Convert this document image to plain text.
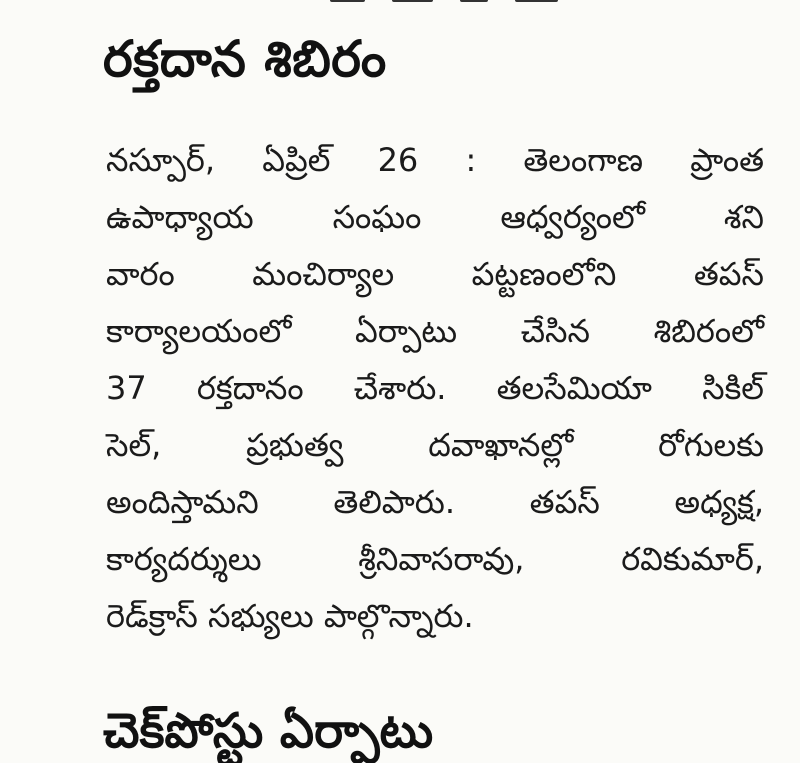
రక్తదాన శిబిరం

నస్పూర్, ఏప్రిల్ 26 : తెలంగాణ ప్రాంత

ఉపాధ్యాయ సంఘం ఆధ్వర్యంలో శని

వారం మంచిర్యాల పట్టణంలోని తపస్

కార్యాలయంలో ఏర్పాటు చేసిన శిబిరంలో

37 రక్తదానం చేశారు. తలసేమియా సికిల్

సెల్, ప్రభుత్వ దవాఖానల్లో రోగులకు

అందిస్తామని తెలిపారు. తపస్ అధ్యక్ష,

కార్యదర్శులు శ్రీనివాసరావు, రవికుమార్,

రెడ్‌క్రాస్ సభ్యులు పాల్గొన్నారు.

చెక్‌పోస్టు ఏర్పాటు
